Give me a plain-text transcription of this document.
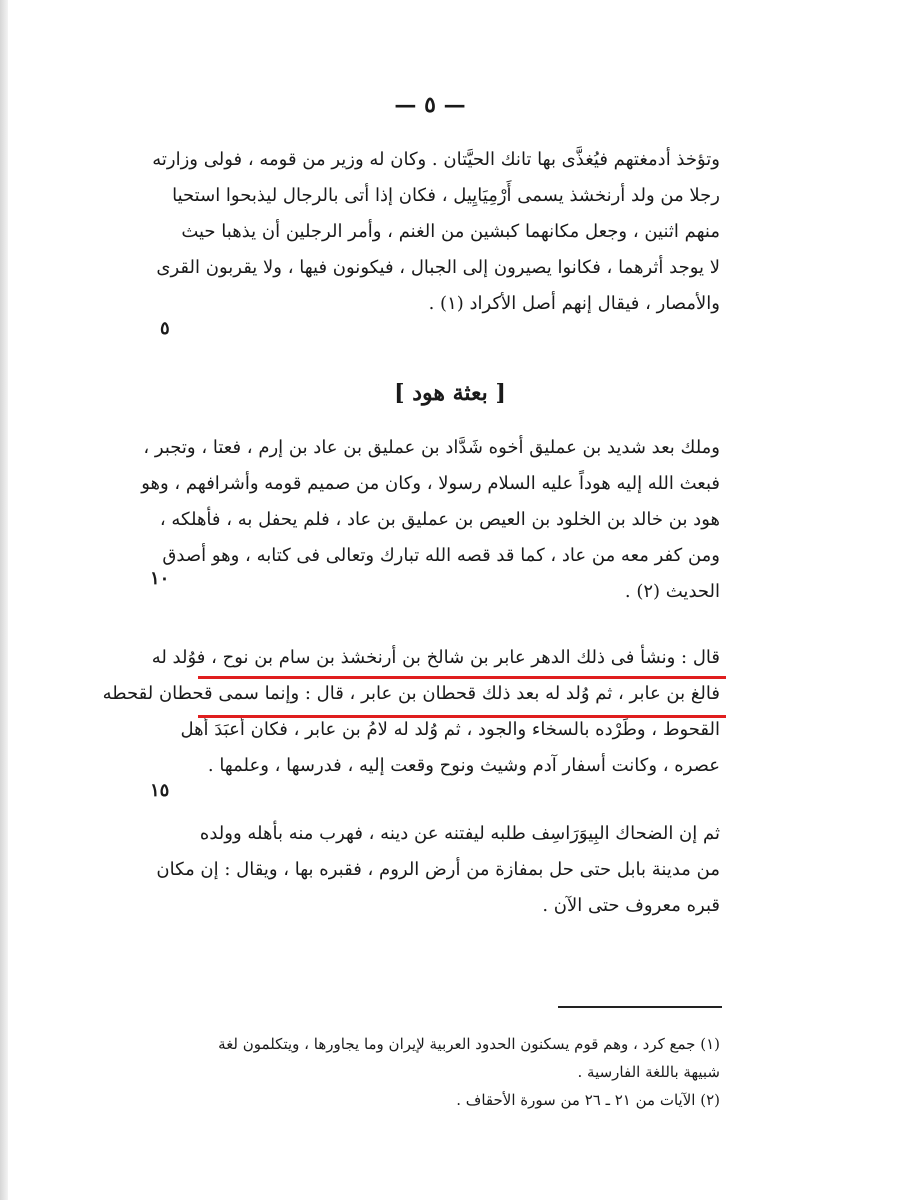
— ٥ —

وتؤخذ أدمغتهم فيُغذَّى بها تانك الحيَّتان . وكان له وزير من قومه ، فولى وزارته
رجلا من ولد أرنخشذ يسمى أَرْمِيَايِيل ، فكان إذا أتى بالرجال ليذبحوا استحيا
منهم اثنين ، وجعل مكانهما كبشين من الغنم ، وأمر الرجلين أن يذهبا حيث
لا يوجد أثرهما ، فكانوا يصيرون إلى الجبال ، فيكونون فيها ، ولا يقربون القرى
والأمصار ، فيقال إنهم أصل الأكراد (١) .

٥
[ بعثة هود ]

وملك بعد شديد بن عمليق أخوه شَدَّاد بن عمليق بن عاد بن إرم ، فعتا ، وتجبر ،
فبعث الله إليه هوداً عليه السلام رسولا ، وكان من صميم قومه وأشرافهم ، وهو
هود بن خالد بن الخلود بن العيص بن عمليق بن عاد ، فلم يحفل به ، فأهلكه ،
ومن كفر معه من عاد ، كما قد قصه الله تبارك وتعالى فى كتابه ، وهو أصدق
الحديث (٢) .

١٠

قال : ونشأ فى ذلك الدهر عابر بن شالخ بن أرنخشذ بن سام بن نوح ، فوُلد له
فالغ بن عابر ، ثم وُلد له بعد ذلك قحطان بن عابر ، قال : وإنما سمى قحطان لقحطه
القحوط ، وطَرْده بالسخاء والجود ، ثم وُلد له لامُ بن عابر ، فكان أعبَدَ أهل
عصره ، وكانت أسفار آدم وشيث ونوح وقعت إليه ، فدرسها ، وعلمها .

١٥

ثم إن الضحاك البِيوَرَاسِف طلبه ليفتنه عن دينه ، فهرب منه بأهله وولده
من مدينة بابل حتى حل بمفازة من أرض الروم ، فقبره بها ، ويقال : إن مكان
قبره معروف حتى الآن .

(١) جمع كرد ، وهم قوم يسكنون الحدود العربية لإيران وما يجاورها ، ويتكلمون لغة
شبيهة باللغة الفارسية .
(٢) الآيات من ٢١ ـ ٢٦ من سورة الأحقاف .
